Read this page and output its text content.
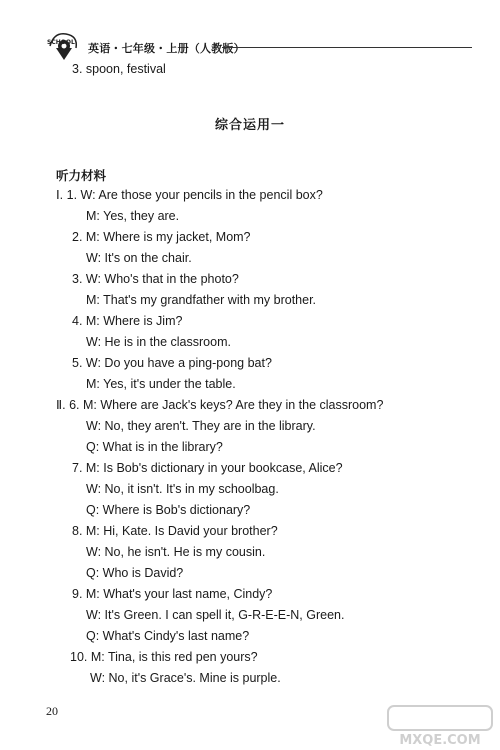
SCHOOL 英语・七年级・上册（人教版）
3. spoon, festival
综合运用一
听力材料
Ⅰ. 1. W: Are those your pencils in the pencil box?
M: Yes, they are.
2. M: Where is my jacket, Mom?
W: It's on the chair.
3. W: Who's that in the photo?
M: That's my grandfather with my brother.
4. M: Where is Jim?
W: He is in the classroom.
5. W: Do you have a ping-pong bat?
M: Yes, it's under the table.
Ⅱ. 6. M: Where are Jack's keys? Are they in the classroom?
W: No, they aren't. They are in the library.
Q: What is in the library?
7. M: Is Bob's dictionary in your bookcase, Alice?
W: No, it isn't. It's in my schoolbag.
Q: Where is Bob's dictionary?
8. M: Hi, Kate. Is David your brother?
W: No, he isn't. He is my cousin.
Q: Who is David?
9. M: What's your last name, Cindy?
W: It's Green. I can spell it, G-R-E-E-N, Green.
Q: What's Cindy's last name?
10. M: Tina, is this red pen yours?
W: No, it's Grace's. Mine is purple.
20
MXQE.COM
